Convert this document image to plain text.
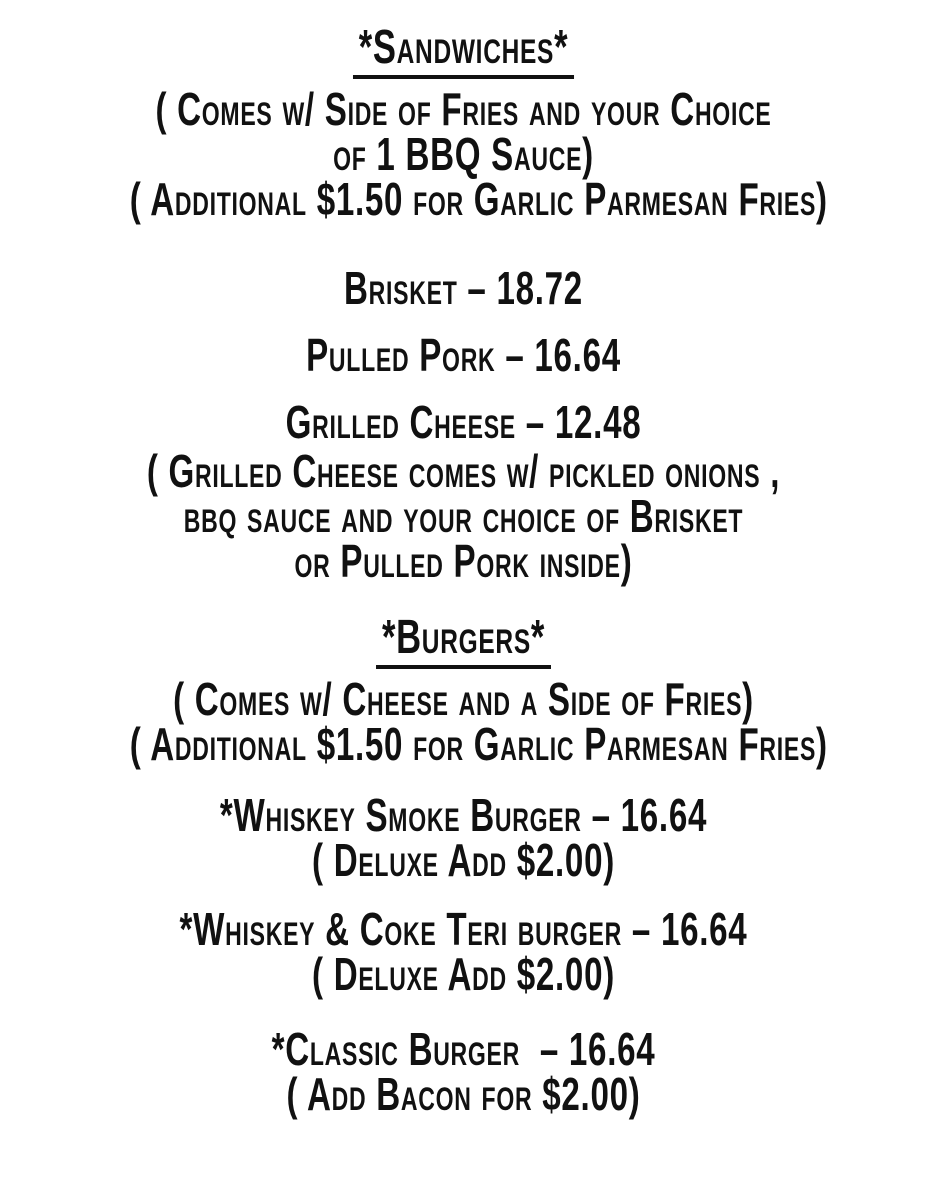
*Sandwiches*
( Comes w/ Side of Fries and your Choice
of 1 BBQ Sauce)
( Additional $1.50 for Garlic Parmesan Fries)
Brisket – 18.72
Pulled Pork – 16.64
Grilled Cheese – 12.48
( Grilled Cheese comes w/ pickled onions ,
bbq sauce and your choice of Brisket
or Pulled Pork inside)
*Burgers*
( Comes w/ Cheese and a Side of Fries)
( Additional $1.50 for Garlic Parmesan Fries)
*Whiskey Smoke Burger – 16.64
( Deluxe Add $2.00)
*Whiskey & Coke Teri burger – 16.64
( Deluxe Add $2.00)
*Classic Burger  – 16.64
( Add Bacon for $2.00)
